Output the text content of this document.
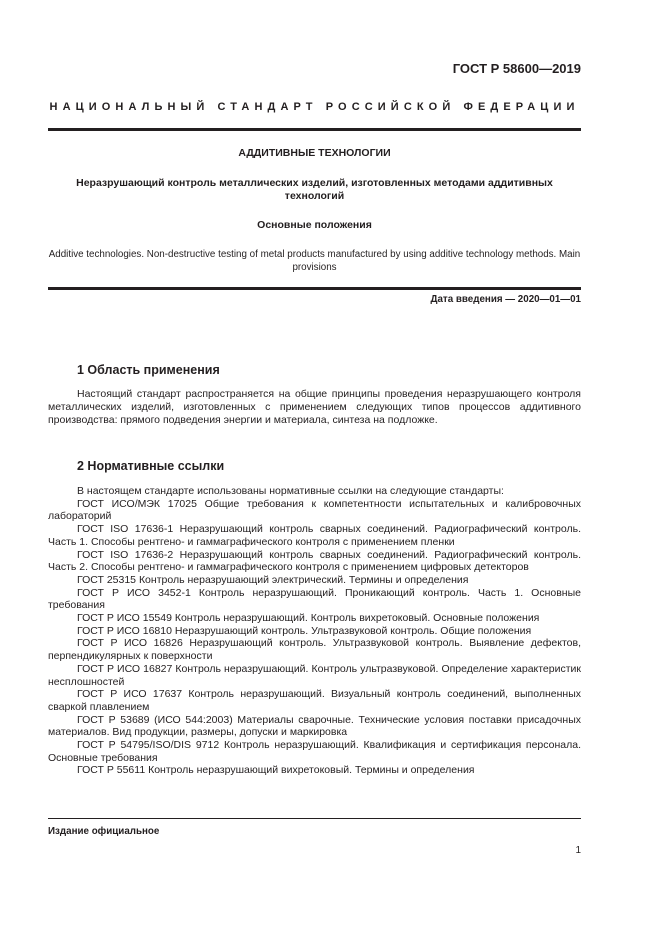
ГОСТ Р 58600—2019
НАЦИОНАЛЬНЫЙ СТАНДАРТ РОССИЙСКОЙ ФЕДЕРАЦИИ
АДДИТИВНЫЕ ТЕХНОЛОГИИ
Неразрушающий контроль металлических изделий, изготовленных методами аддитивных технологий
Основные положения
Additive technologies. Non-destructive testing of metal products manufactured by using additive technology methods. Main provisions
Дата введения — 2020—01—01
1 Область применения

Настоящий стандарт распространяется на общие принципы проведения неразрушающего контроля металлических изделий, изготовленных с применением следующих типов процессов аддитивного производства: прямого подведения энергии и материала, синтеза на подложке.

2 Нормативные ссылки

В настоящем стандарте использованы нормативные ссылки на следующие стандарты:

ГОСТ ИСО/МЭК 17025 Общие требования к компетентности испытательных и калибровочных лабораторий

ГОСТ ISO 17636-1 Неразрушающий контроль сварных соединений. Радиографический контроль. Часть 1. Способы рентгено- и гаммаграфического контроля с применением пленки

ГОСТ ISO 17636-2 Неразрушающий контроль сварных соединений. Радиографический контроль. Часть 2. Способы рентгено- и гаммаграфического контроля с применением цифровых детекторов

ГОСТ 25315 Контроль неразрушающий электрический. Термины и определения

ГОСТ Р ИСО 3452-1 Контроль неразрушающий. Проникающий контроль. Часть 1. Основные требования

ГОСТ Р ИСО 15549 Контроль неразрушающий. Контроль вихретоковый. Основные положения

ГОСТ Р ИСО 16810 Неразрушающий контроль. Ультразвуковой контроль. Общие положения

ГОСТ Р ИСО 16826 Неразрушающий контроль. Ультразвуковой контроль. Выявление дефектов, перпендикулярных к поверхности

ГОСТ Р ИСО 16827 Контроль неразрушающий. Контроль ультразвуковой. Определение характеристик несплошностей

ГОСТ Р ИСО 17637 Контроль неразрушающий. Визуальный контроль соединений, выполненных сваркой плавлением

ГОСТ Р 53689 (ИСО 544:2003) Материалы сварочные. Технические условия поставки присадочных материалов. Вид продукции, размеры, допуски и маркировка

ГОСТ Р 54795/ISO/DIS 9712 Контроль неразрушающий. Квалификация и сертификация персонала. Основные требования

ГОСТ Р 55611 Контроль неразрушающий вихретоковый. Термины и определения

Издание официальное
1
